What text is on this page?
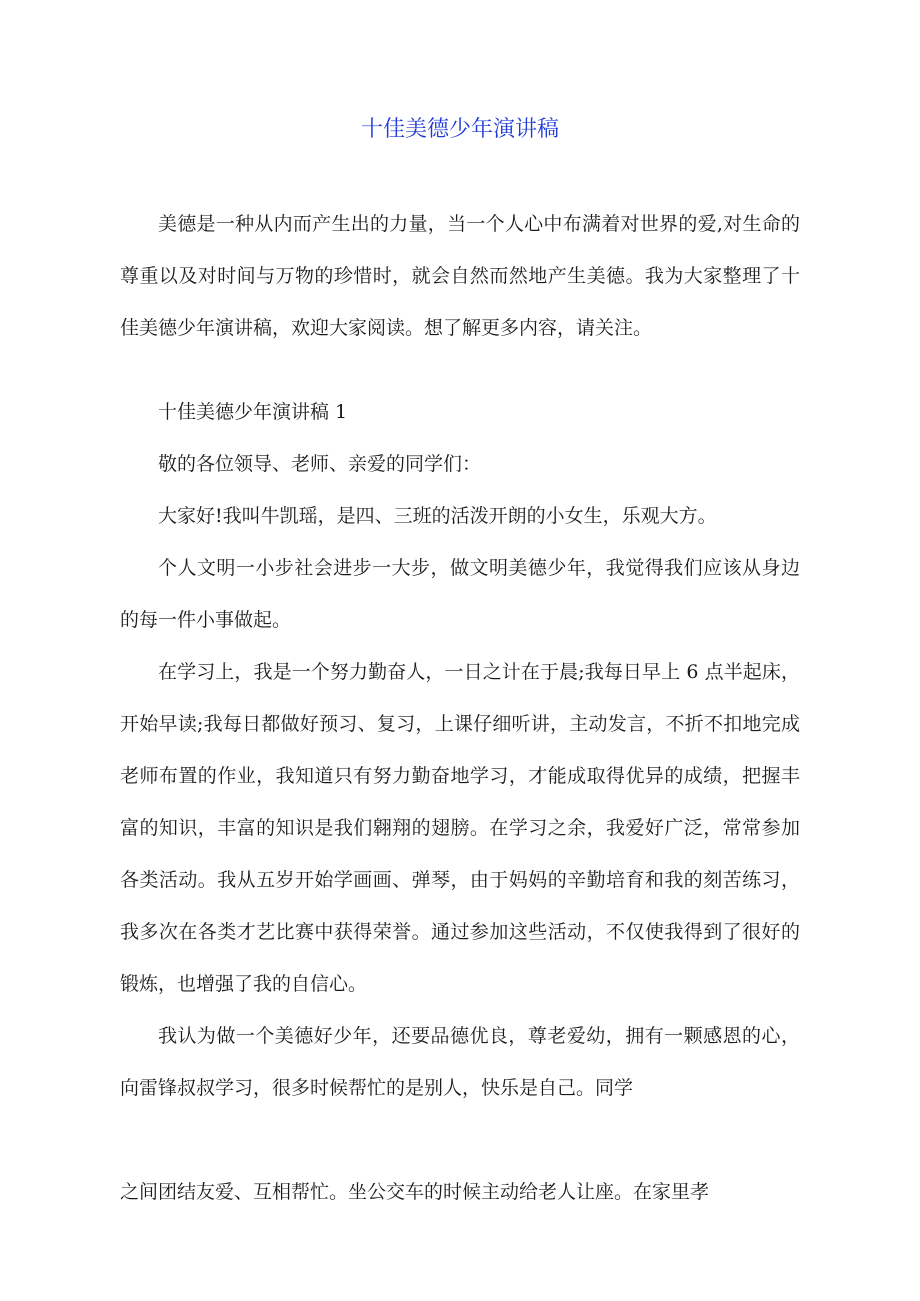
十佳美德少年演讲稿

美德是一种从内而产生出的力量，当一个人心中布满着对世界的爱,对生命的尊重以及对时间与万物的珍惜时，就会自然而然地产生美德。我为大家整理了十佳美德少年演讲稿，欢迎大家阅读。想了解更多内容，请关注。

十佳美德少年演讲稿 1

敬的各位领导、老师、亲爱的同学们：

大家好!我叫牛凯瑶，是四、三班的活泼开朗的小女生，乐观大方。

个人文明一小步社会进步一大步，做文明美德少年，我觉得我们应该从身边的每一件小事做起。

在学习上，我是一个努力勤奋人，一日之计在于晨;我每日早上 6 点半起床，开始早读;我每日都做好预习、复习，上课仔细听讲，主动发言，不折不扣地完成老师布置的作业，我知道只有努力勤奋地学习，才能成取得优异的成绩，把握丰富的知识，丰富的知识是我们翱翔的翅膀。在学习之余，我爱好广泛，常常参加各类活动。我从五岁开始学画画、弹琴，由于妈妈的辛勤培育和我的刻苦练习，我多次在各类才艺比赛中获得荣誉。通过参加这些活动，不仅使我得到了很好的锻炼，也增强了我的自信心。

我认为做一个美德好少年，还要品德优良，尊老爱幼，拥有一颗感恩的心，向雷锋叔叔学习，很多时候帮忙的是别人，快乐是自己。同学

之间团结友爱、互相帮忙。坐公交车的时候主动给老人让座。在家里孝
